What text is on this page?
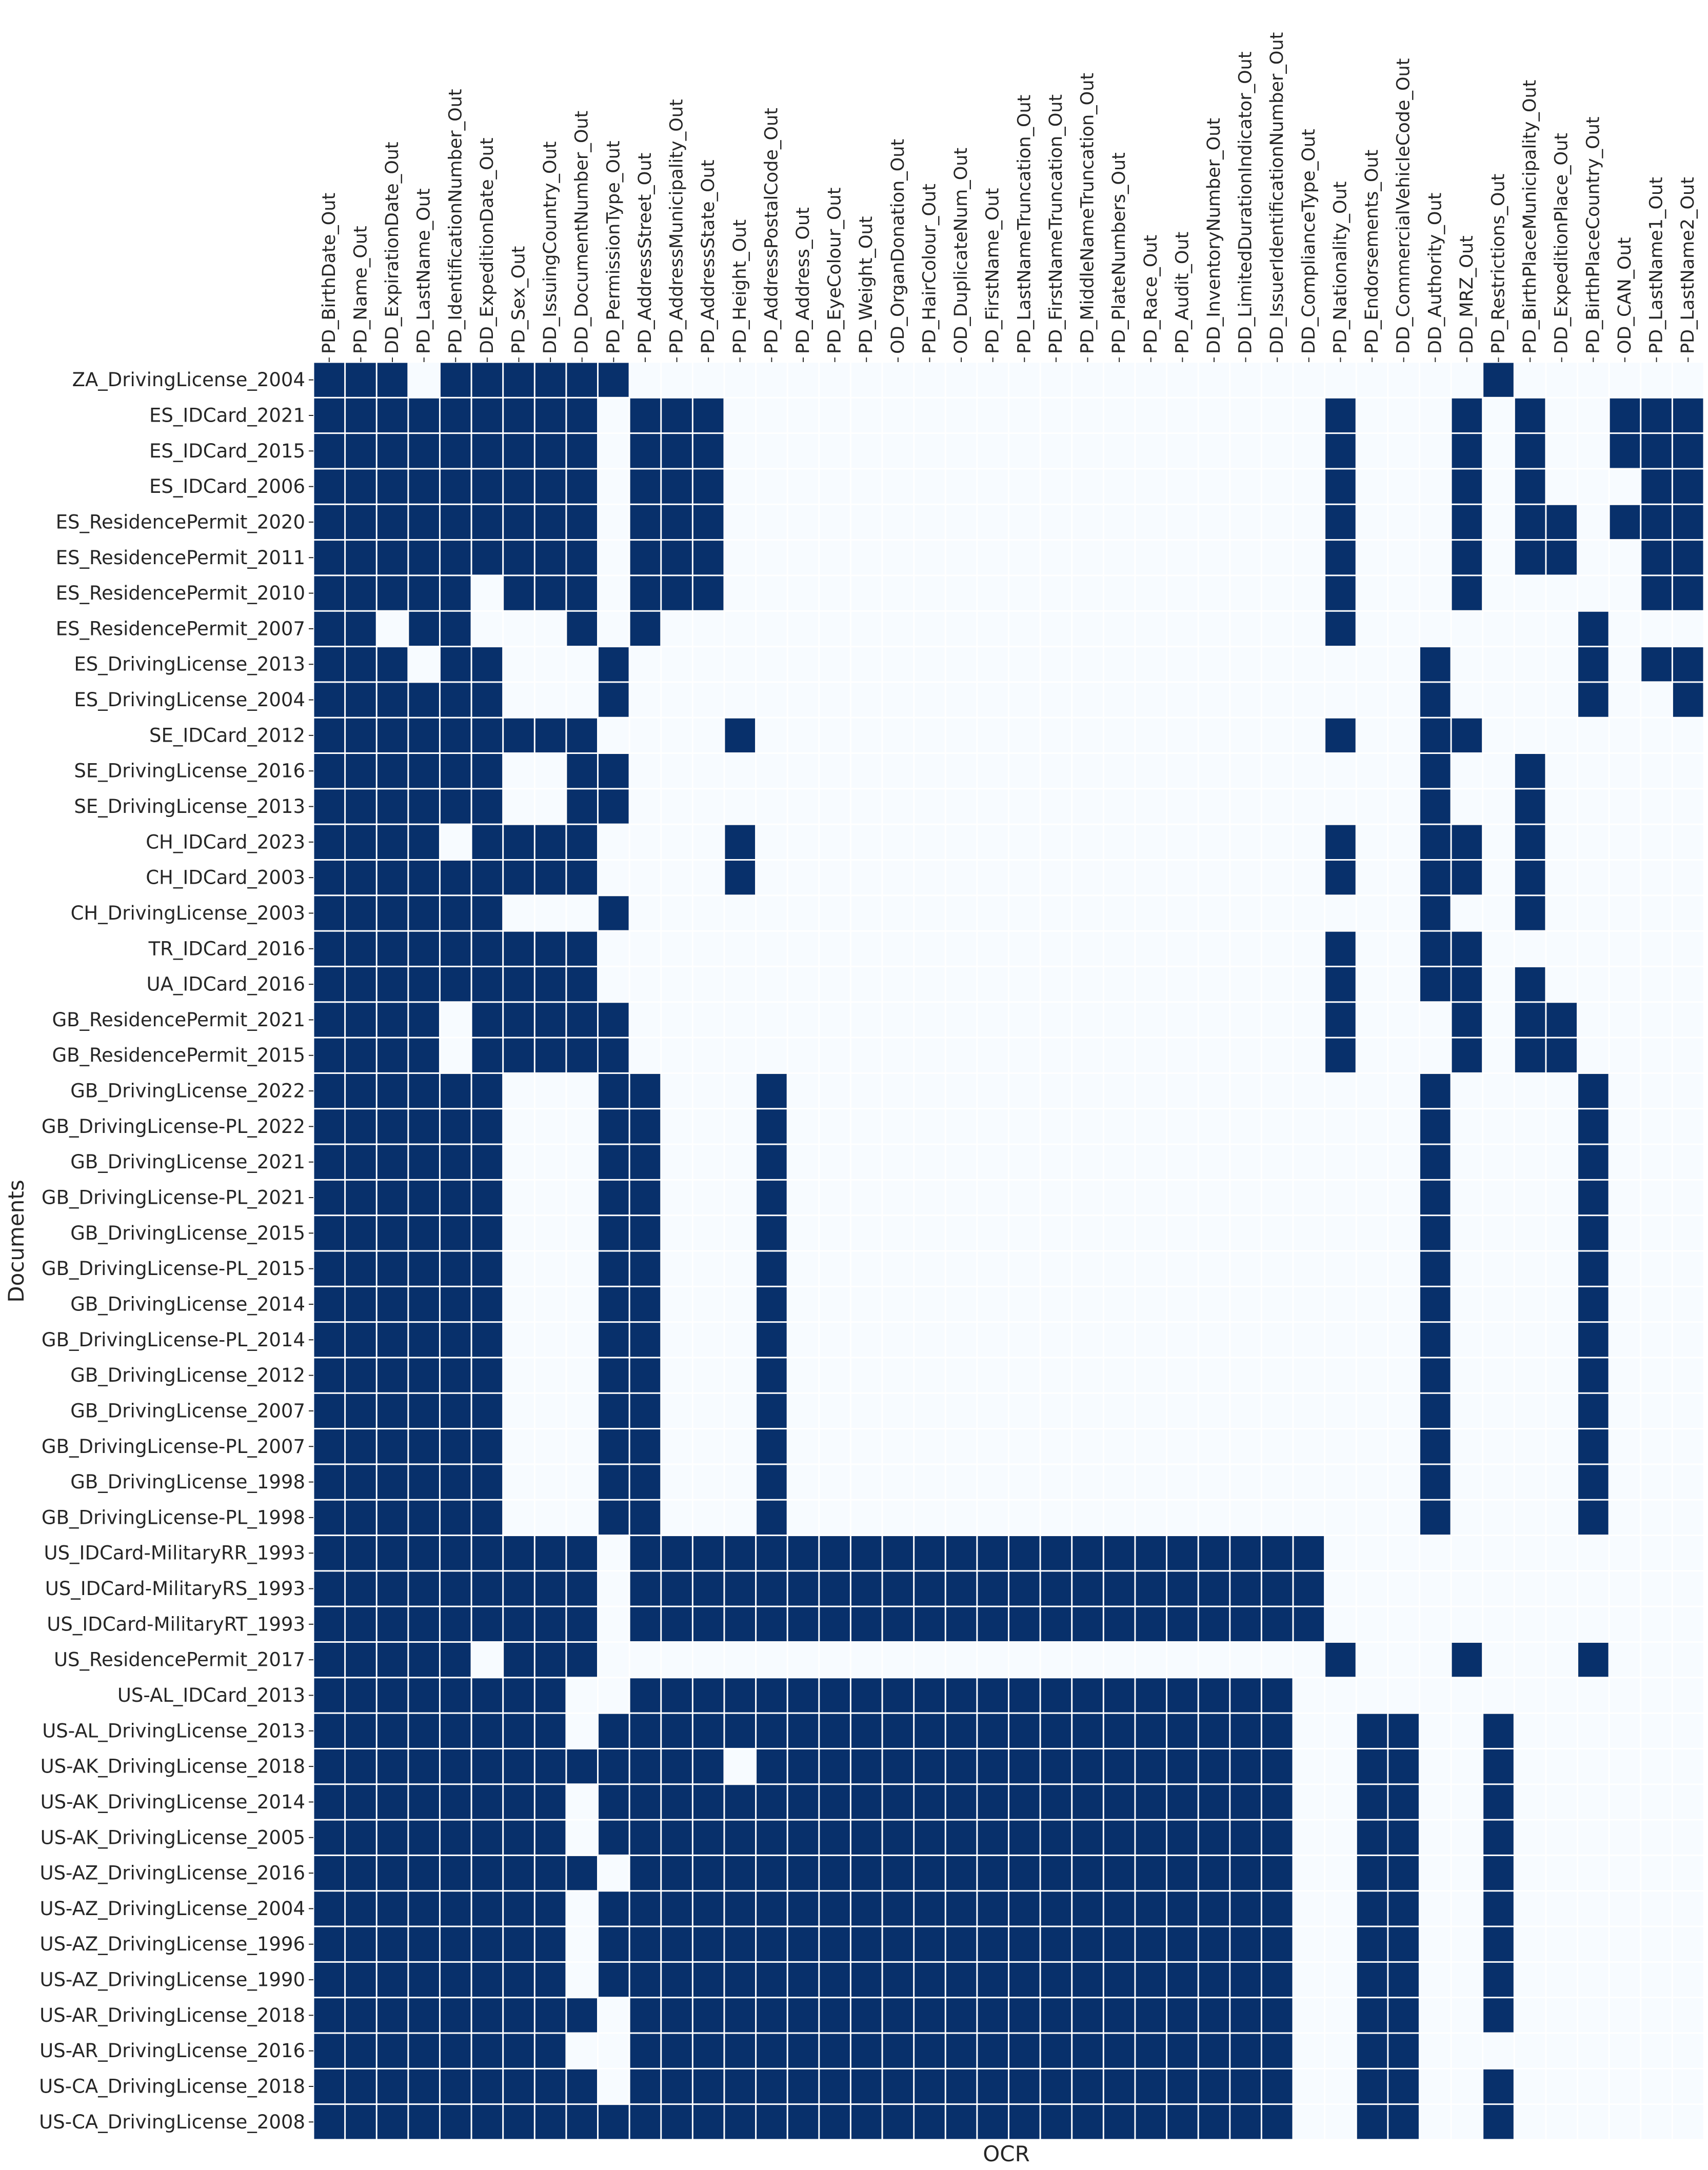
ZA_DrivingLicense_2004
ES_IDCard_2021
ES_IDCard_2015
ES_IDCard_2006
ES_ResidencePermit_2020
ES_ResidencePermit_2011
ES_ResidencePermit_2010
ES_ResidencePermit_2007
ES_DrivingLicense_2013
ES_DrivingLicense_2004
SE_IDCard_2012
SE_DrivingLicense_2016
SE_DrivingLicense_2013
CH_IDCard_2023
CH_IDCard_2003
CH_DrivingLicense_2003
TR_IDCard_2016
UA_IDCard_2016
GB_ResidencePermit_2021
GB_ResidencePermit_2015
GB_DrivingLicense_2022
GB_DrivingLicense-PL_2022
GB_DrivingLicense_2021
GB_DrivingLicense-PL_2021
GB_DrivingLicense_2015
GB_DrivingLicense-PL_2015
GB_DrivingLicense_2014
GB_DrivingLicense-PL_2014
GB_DrivingLicense_2012
GB_DrivingLicense_2007
GB_DrivingLicense-PL_2007
GB_DrivingLicense_1998
GB_DrivingLicense-PL_1998
US_IDCard-MilitaryRR_1993
US_IDCard-MilitaryRS_1993
US_IDCard-MilitaryRT_1993
US_ResidencePermit_2017
US-AL_IDCard_2013
US-AL_DrivingLicense_2013
US-AK_DrivingLicense_2018
US-AK_DrivingLicense_2014
US-AK_DrivingLicense_2005
US-AZ_DrivingLicense_2016
US-AZ_DrivingLicense_2004
US-AZ_DrivingLicense_1996
US-AZ_DrivingLicense_1990
US-AR_DrivingLicense_2018
US-AR_DrivingLicense_2016
US-CA_DrivingLicense_2018
US-CA_DrivingLicense_2008
PD_BirthDate_Out PD_Name_Out DD_ExpirationDate_Out PD_LastName_Out PD_IdentificationNumber_Out DD_ExpeditionDate_Out PD_Sex_Out DD_IssuingCountry_Out DD_DocumentNumber_Out PD_PermissionType_Out PD_AddressStreet_Out PD_AddressMunicipality_Out PD_AddressState_Out PD_Height_Out PD_AddressPostalCode_Out PD_Address_Out PD_EyeColour_Out PD_Weight_Out OD_OrganDonation_Out PD_HairColour_Out OD_DuplicateNum_Out PD_FirstName_Out PD_LastNameTruncation_Out PD_FirstNameTruncation_Out PD_MiddleNameTruncation_Out PD_PlateNumbers_Out PD_Race_Out PD_Audit_Out DD_InventoryNumber_Out DD_LimitedDurationIndicator_Out DD_IssuerIdentificationNumber_Out DD_ComplianceType_Out PD_Nationality_Out PD_Endorsements_Out DD_CommercialVehicleCode_Out DD_Authority_Out DD_MRZ_Out PD_Restrictions_Out PD_BirthPlaceMunicipality_Out DD_ExpeditionPlace_Out PD_BirthPlaceCountry_Out OD_CAN_Out PD_LastName1_Out PD_LastName2_Out
OCR
Documents
